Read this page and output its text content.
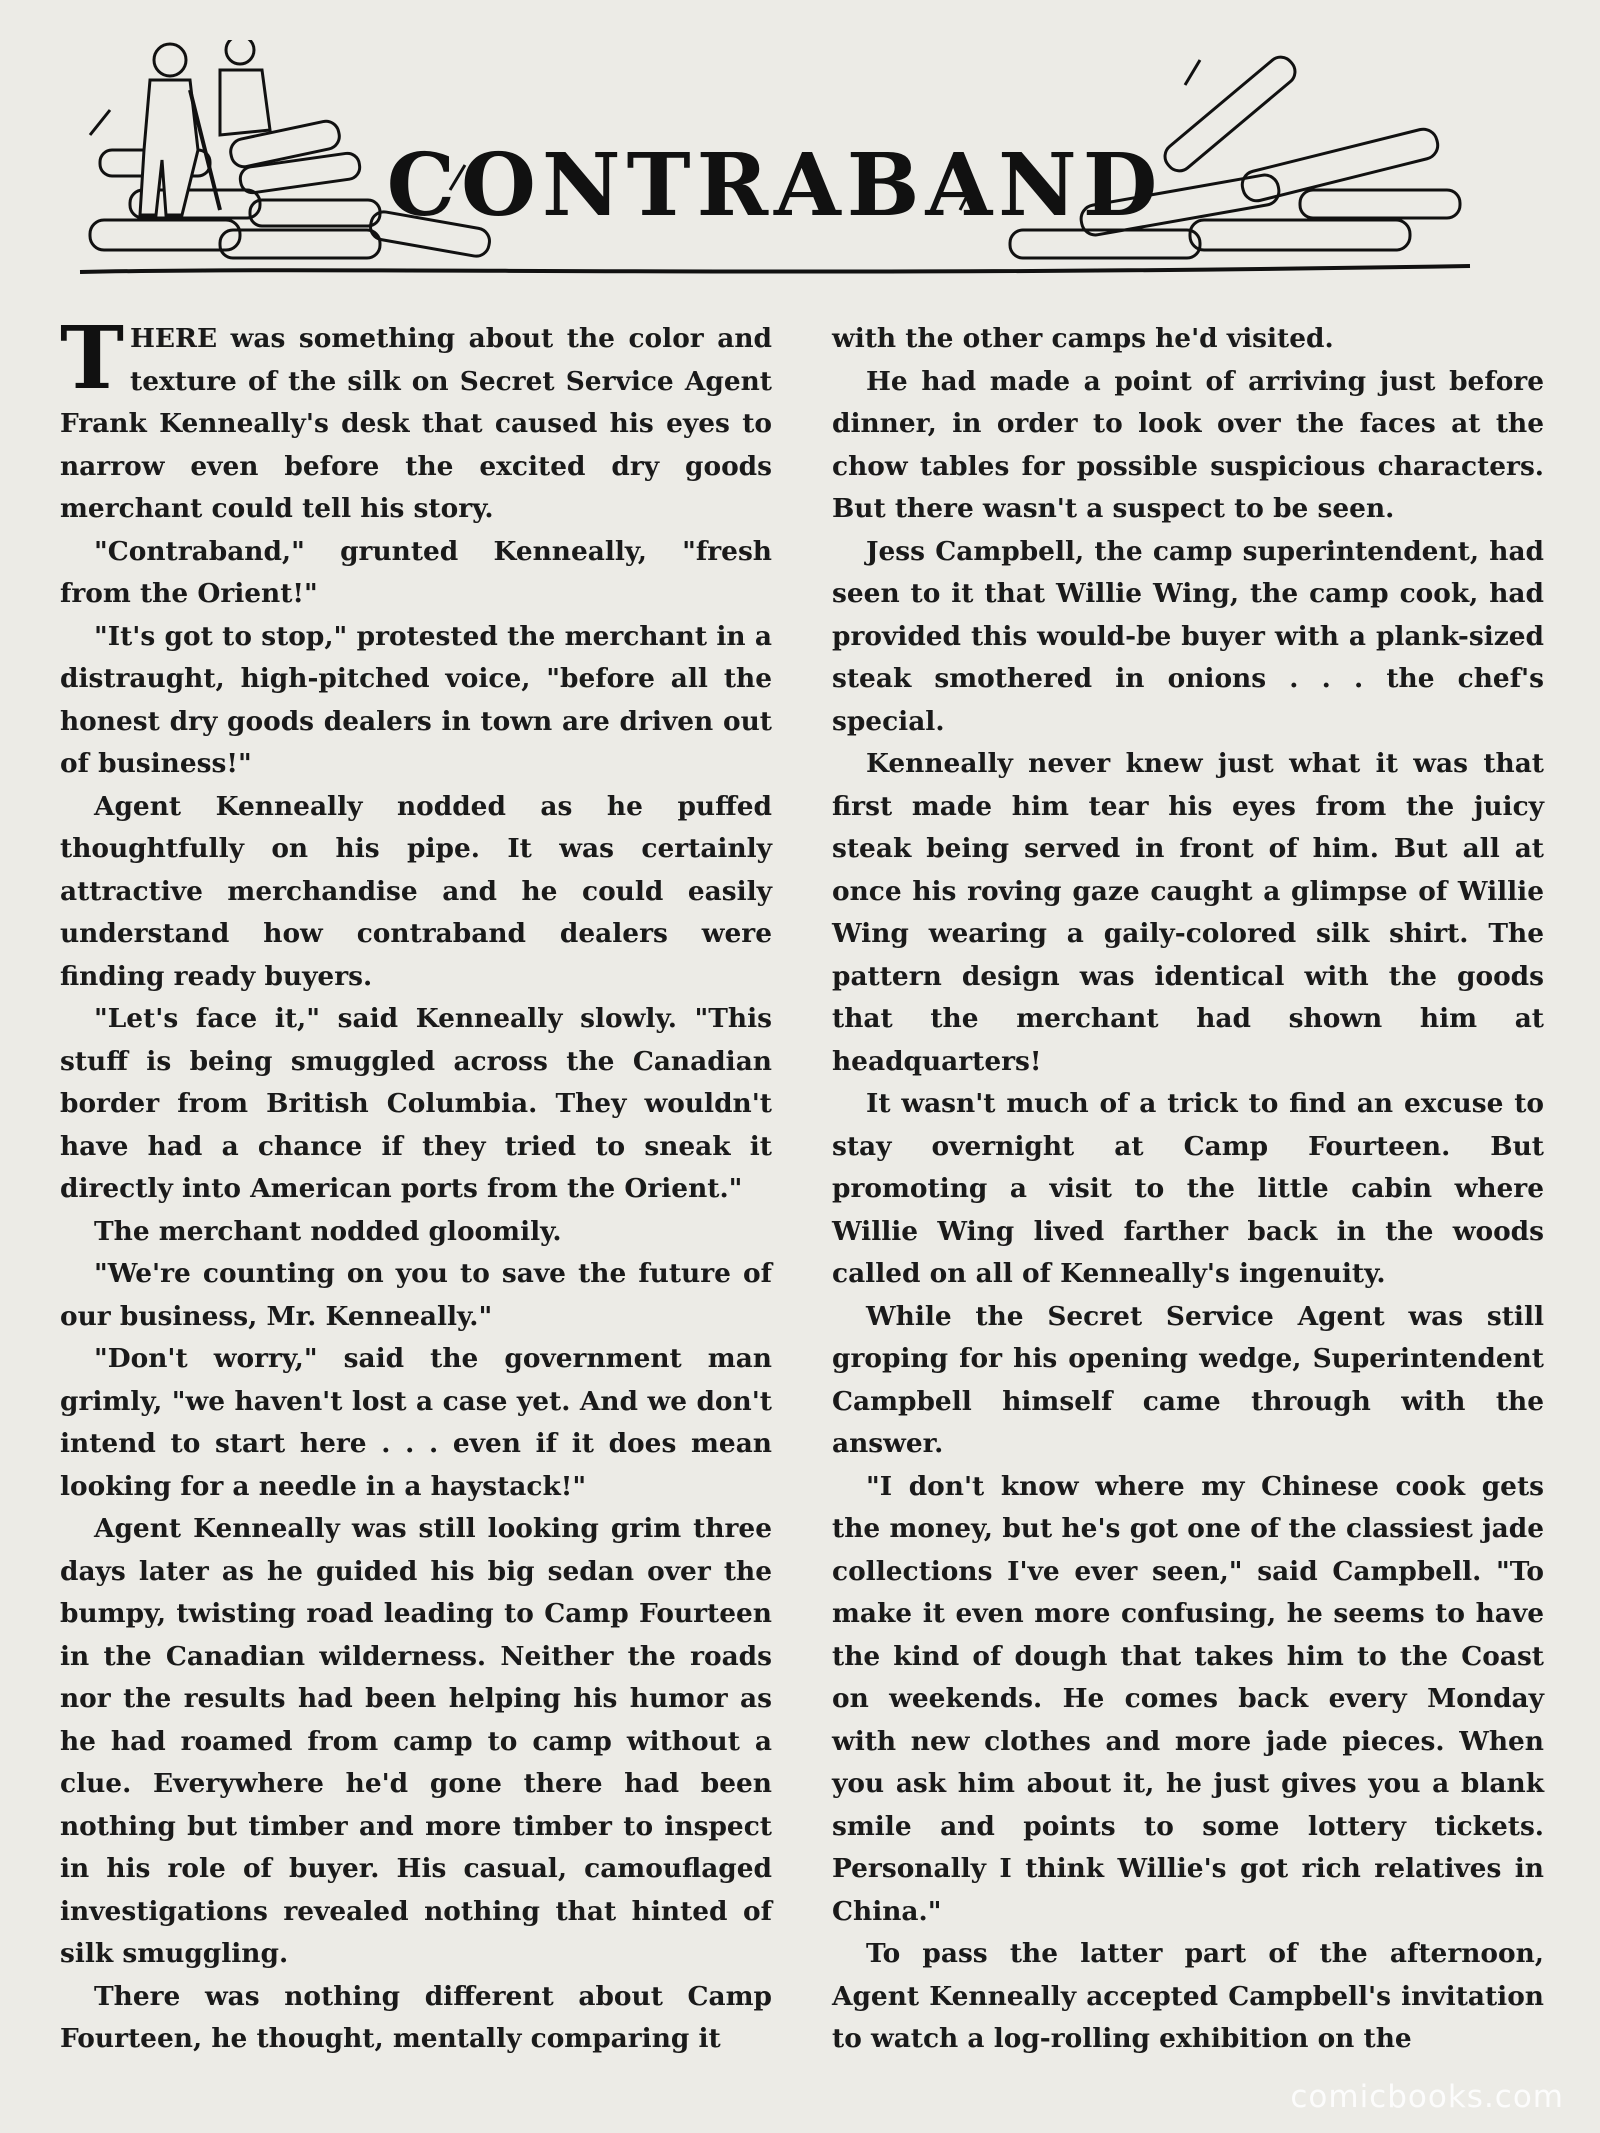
CONTRABAND

THERE was something about the color and texture of the silk on Secret Service Agent Frank Kenneally's desk that caused his eyes to narrow even before the excited dry goods merchant could tell his story.

"Contraband," grunted Kenneally, "fresh from the Orient!"

"It's got to stop," protested the merchant in a distraught, high-pitched voice, "before all the honest dry goods dealers in town are driven out of business!"

Agent Kenneally nodded as he puffed thoughtfully on his pipe. It was certainly attractive merchandise and he could easily understand how contraband dealers were finding ready buyers.

"Let's face it," said Kenneally slowly. "This stuff is being smuggled across the Canadian border from British Columbia. They wouldn't have had a chance if they tried to sneak it directly into American ports from the Orient."

The merchant nodded gloomily.

"We're counting on you to save the future of our business, Mr. Kenneally."

"Don't worry," said the government man grimly, "we haven't lost a case yet. And we don't intend to start here . . . even if it does mean looking for a needle in a haystack!"

Agent Kenneally was still looking grim three days later as he guided his big sedan over the bumpy, twisting road leading to Camp Fourteen in the Canadian wilderness. Neither the roads nor the results had been helping his humor as he had roamed from camp to camp without a clue. Everywhere he'd gone there had been nothing but timber and more timber to inspect in his role of buyer. His casual, camouflaged investigations revealed nothing that hinted of silk smuggling.

There was nothing different about Camp Fourteen, he thought, mentally comparing it

with the other camps he'd visited.

He had made a point of arriving just before dinner, in order to look over the faces at the chow tables for possible suspicious characters. But there wasn't a suspect to be seen.

Jess Campbell, the camp superintendent, had seen to it that Willie Wing, the camp cook, had provided this would-be buyer with a plank-sized steak smothered in onions . . . the chef's special.

Kenneally never knew just what it was that first made him tear his eyes from the juicy steak being served in front of him. But all at once his roving gaze caught a glimpse of Willie Wing wearing a gaily-colored silk shirt. The pattern design was identical with the goods that the merchant had shown him at headquarters!

It wasn't much of a trick to find an excuse to stay overnight at Camp Fourteen. But promoting a visit to the little cabin where Willie Wing lived farther back in the woods called on all of Kenneally's ingenuity.

While the Secret Service Agent was still groping for his opening wedge, Superintendent Campbell himself came through with the answer.

"I don't know where my Chinese cook gets the money, but he's got one of the classiest jade collections I've ever seen," said Campbell. "To make it even more confusing, he seems to have the kind of dough that takes him to the Coast on weekends. He comes back every Monday with new clothes and more jade pieces. When you ask him about it, he just gives you a blank smile and points to some lottery tickets. Personally I think Willie's got rich relatives in China."

To pass the latter part of the afternoon, Agent Kenneally accepted Campbell's invitation to watch a log-rolling exhibition on the

comicbooks.com
